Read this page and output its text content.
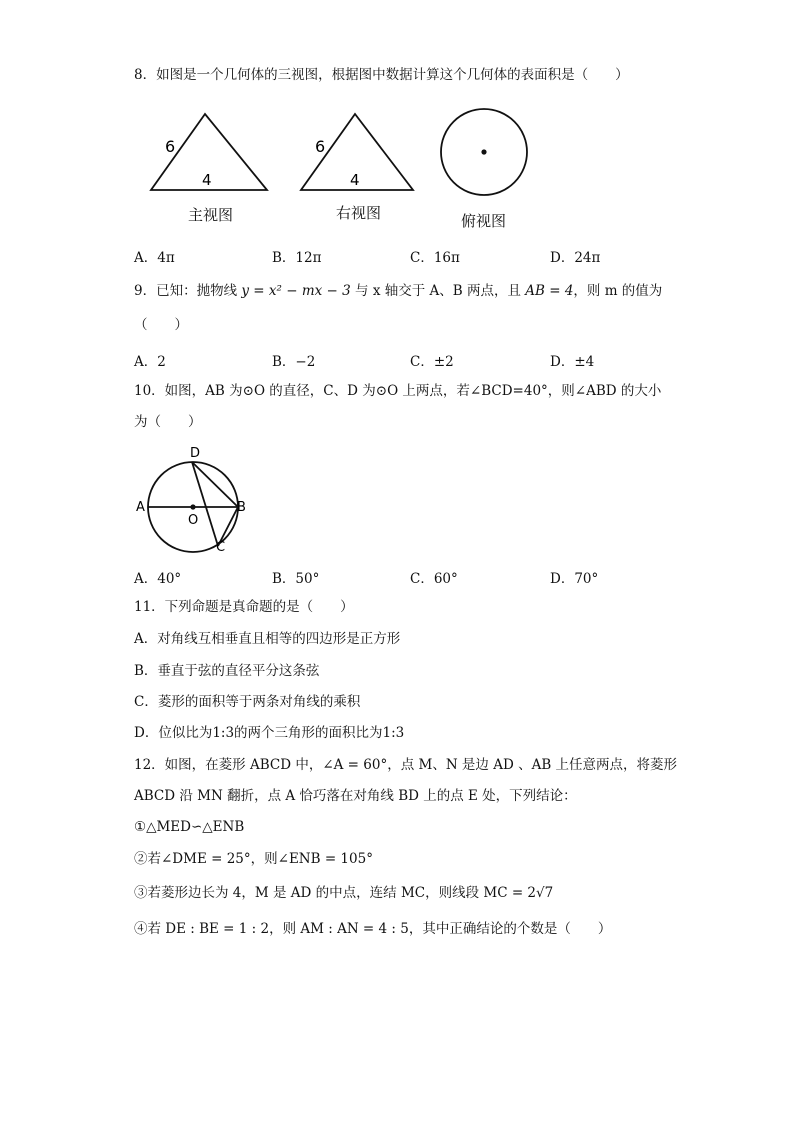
8．如图是一个几何体的三视图，根据图中数据计算这个几何体的表面积是（　　）
6
4
主视图
6
4
右视图	俯视图
A．4π	B．12π	C．16π	D．24π
9．已知：抛物线 y = x² − mx − 3 与 x 轴交于 A、B 两点，且 AB = 4，则 m 的值为
（　　）
A．2	B．−2	C．±2	D．±4
10．如图，AB 为⊙O 的直径，C、D 为⊙O 上两点，若∠BCD=40°，则∠ABD 的大小
为（　　）
A	B
D
O
C
A．40°	B．50°	C．60°	D．70°
11．下列命题是真命题的是（　　）
A．对角线互相垂直且相等的四边形是正方形
B．垂直于弦的直径平分这条弦
C．菱形的面积等于两条对角线的乘积
D．位似比为1:3的两个三角形的面积比为1:3
12．如图，在菱形 ABCD 中，∠A = 60°，点 M、N 是边 AD 、AB 上任意两点，将菱形
ABCD 沿 MN 翻折，点 A 恰巧落在对角线 BD 上的点 E 处，下列结论：
①△MED∽△ENB
②若∠DME = 25°，则∠ENB = 105°
③若菱形边长为 4，M 是 AD 的中点，连结 MC，则线段 MC = 2√7
④若 DE : BE = 1 : 2，则 AM : AN = 4 : 5，其中正确结论的个数是（　　）
